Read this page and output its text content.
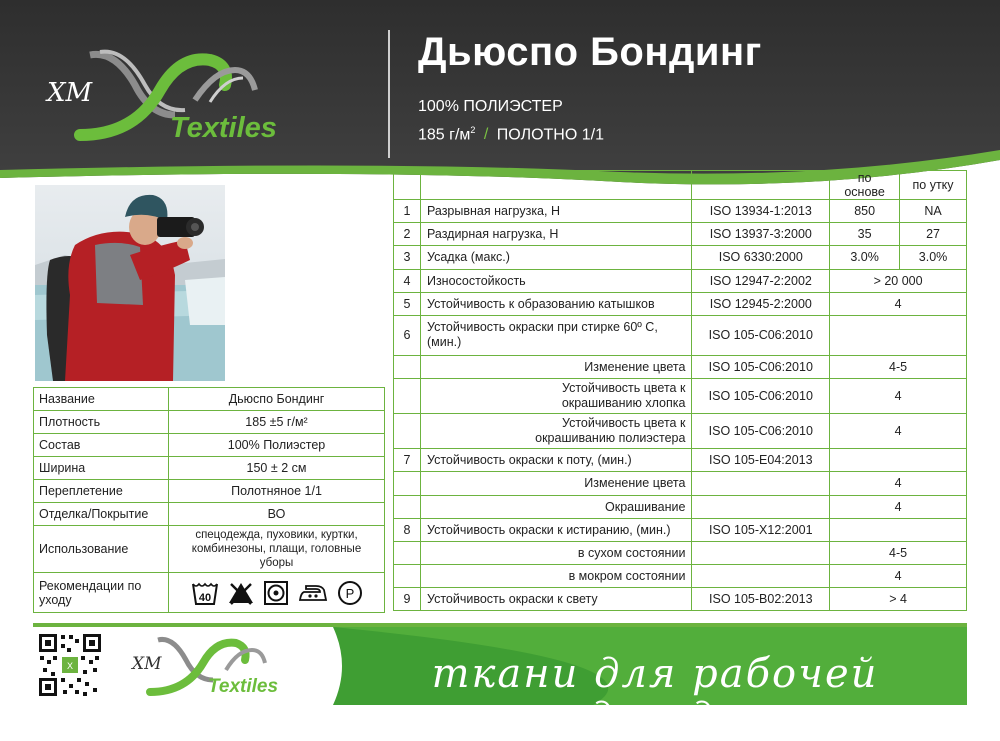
Дьюспо Бондинг
100% ПОЛИЭСТЕР
185 $г/м^2$ / ПОЛОТНО 1/1
XM
Textiles
Название	Дьюспо Бондинг
Плотность	185 ±5 г/м²
Состав	100% Полиэстер
Ширина	150 ± 2 см
Переплетение	Полотняное 1/1
Отделка/Покрытие	ВО
Использование	спецодежда, пуховики, куртки, комбинезоны, плащи, головные уборы
Рекомендации по уходу	40 P
			по основе	по утку
1	Разрывная нагрузка, Н	ISO 13934-1:2013	850	NA
2	Раздирная нагрузка, Н	ISO 13937-3:2000	35	27
3	Усадка (макс.)	ISO 6330:2000	3.0%	3.0%
4	Износостойкость	ISO 12947-2:2002	> 20 000	
5	Устойчивость к образованию катышков	ISO 12945-2:2000	4	
6	Устойчивость окраски при стирке 60º С, (мин.)	ISO 105-C06:2010		
	Изменение цвета	ISO 105-C06:2010	4-5	
	Устойчивость цвета к окрашиванию хлопка	ISO 105-C06:2010	4	
	Устойчивость цвета к окрашиванию полиэстера	ISO 105-C06:2010	4	
7	Устойчивость окраски к поту, (мин.)	ISO 105-E04:2013		
	Изменение цвета		4	
	Окрашивание		4	
8	Устойчивость окраски к истиранию, (мин.)	ISO 105-X12:2001		
	в сухом состоянии		4-5	
	в мокром состоянии		4	
9	Устойчивость окраски к свету	ISO 105-B02:2013	> 4	
X	XM
Textiles	ткани для рабочей одежды
